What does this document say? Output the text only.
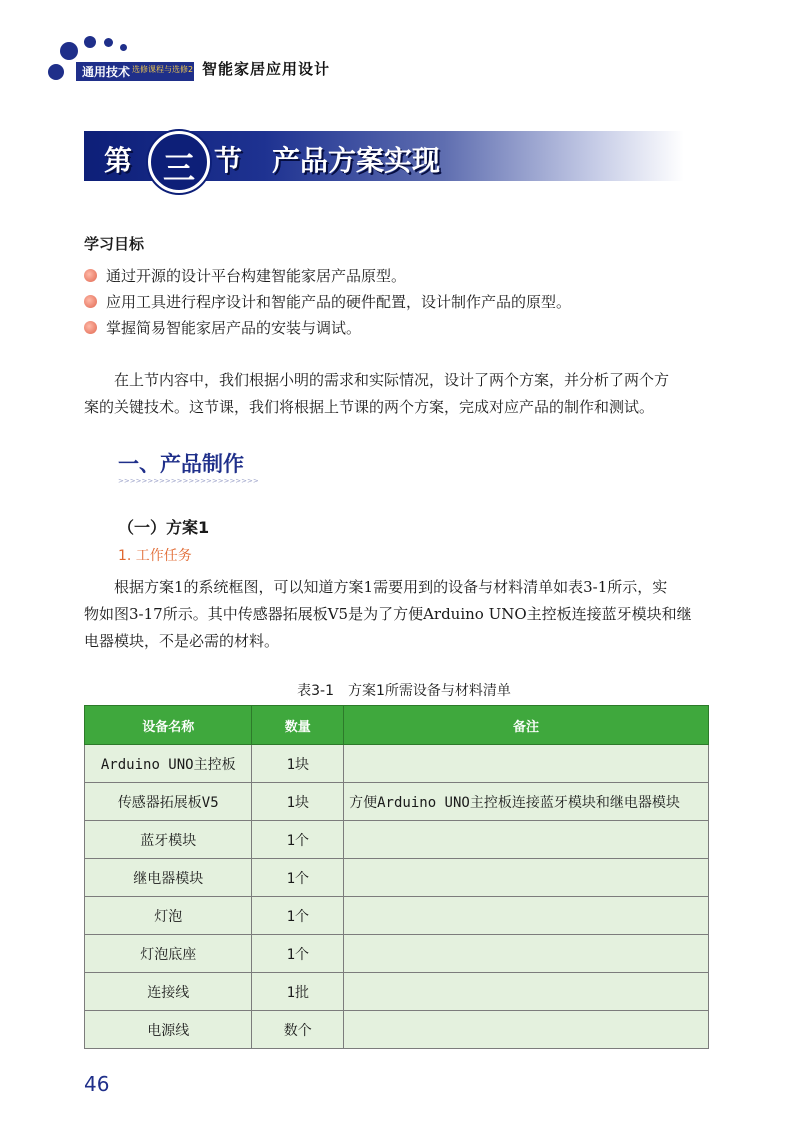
通用技术 选修课程与选修2 智能家居应用设计
第 三 节 产品方案实现
学习目标
通过开源的设计平台构建智能家居产品原型。
应用工具进行程序设计和智能产品的硬件配置，设计制作产品的原型。
掌握简易智能家居产品的安装与调试。
在上节内容中，我们根据小明的需求和实际情况，设计了两个方案，并分析了两个方
案的关键技术。这节课，我们将根据上节课的两个方案，完成对应产品的制作和测试。
一、产品制作
>>>>>>>>>>>>>>>>>>>>>>>>
（一）方案1
1. 工作任务
根据方案1的系统框图，可以知道方案1需要用到的设备与材料清单如表3-1所示，实
物如图3-17所示。其中传感器拓展板V5是为了方便Arduino UNO主控板连接蓝牙模块和继
电器模块，不是必需的材料。
表3-1　方案1所需设备与材料清单
设备名称	数量	备注
Arduino UNO主控板	1块	
传感器拓展板V5	1块	方便Arduino UNO主控板连接蓝牙模块和继电器模块
蓝牙模块	1个	
继电器模块	1个	
灯泡	1个	
灯泡底座	1个	
连接线	1批	
电源线	数个	
46
